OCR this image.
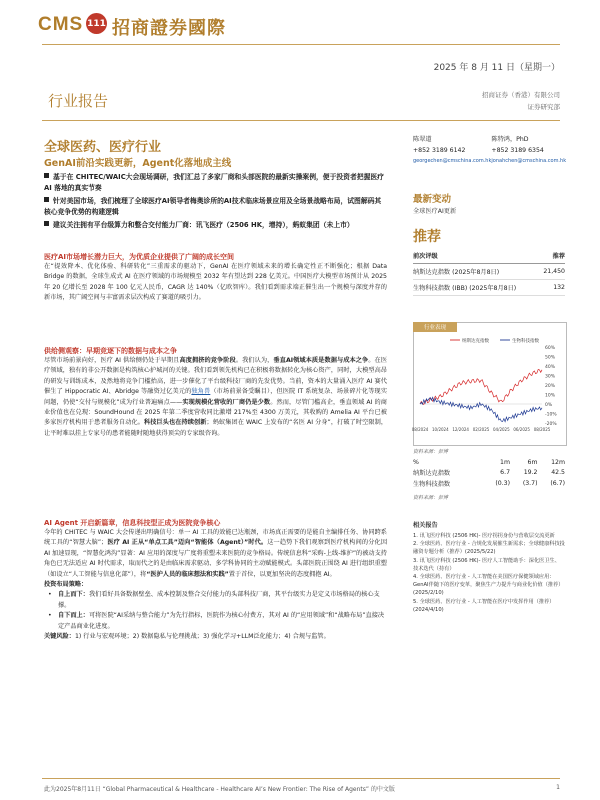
CMS 111 招商證券國際
2025 年 8 月 11 日（星期一）
行业报告	招商证券（香港）有限公司
证券研究部
全球医药、医疗行业
GenAI前沿实践更新，Agent化落地成主线
基于在 CHITEC/WAIC大会现场调研，我们汇总了多家厂商和头部医院的最新实操案例，便于投资者把握医疗 AI 落地的真实节奏
针对美国市场，我们梳理了全球医疗AI领导者梅奥诊所的AI技术临床场景应用及全场景战略布局，试图解码其核心竞争优势的构建逻辑
建议关注拥有平台级算力和整合交付能力厂商：讯飞医疗（2506 HK，增持），蚂蚁集团（未上市）
医疗AI市场增长潜力巨大，为优质企业提供了广阔的成长空间
在“提效降本、优化体验、科研转化”三重需求的驱动下，GenAI 在医疗领域未来的增长确定性正不断强化；根据 Data Bridge 的数据，全球生成式 AI 在医疗领域的市场规模至 2032 年有望达到 228 亿美元。中国医疗大模型市场预计从 2025 年 20 亿增长至 2028 年 100 亿元人民币，CAGR 达 140%（亿欧智库）。我们看到需求端正催生出一个规模与深度并存的新市场，其广阔空间与丰富需求层次构成了赛道的吸引力。
供给侧观察：早期竞逐下的数据与成本之争
尽管市场前景向好，医疗 AI 供给侧仍处于早期且高度拥挤的竞争阶段。我们认为，垂直AI领域本质是数据与成本之争。在医疗领域，独有的非公开数据是构筑核心护城河的关键。我们看到领先机构已在积极将数据转化为核心资产，同时，大模型高昂的研发与训练成本，及然地将竞争门槛抬高，进一步催化了平台级科技厂商的先发优势。当前，资本的大量涌入医疗 AI 赛代催生了 Hippocratic AI、Abridge 等融资过亿美元的独角兽（市场前景备受瞩目），但医院 IT 系统复杂、场景碎片化等现实问题，仍使“交付与规模化”成为行业普遍痛点——实现规模化营收的厂商仍是少数。然而，尽管门槛高企，垂直领域 AI 的商业价值也在兑现：SoundHound 在 2025 年第二季度营收同比激增 217%至 4300 万美元，其收购的 Amelia AI 平台已被多家医疗机构用于患者服务自动化。科技巨头也在持续创新；蚂蚁集团在 WAIC 上发布的“名医 AI 分身”，打破了时空限制，让平时难以挂上专家号的患者能随时随地获得顶尖的专家级咨询。
AI Agent 开启新篇章，信息科技型正成为医院竞争核心
今年的 CHITEC 与 WAIC 大会传递出明确信号：单一 AI 工具的效能已达瓶颈，市场真正需要的是能自主编排任务、协同跨系统工具的“智慧大脑”；医疗 AI 正从“单点工具”迈向“智能体（Agent）”时代。这一趋势下我们观察到医疗机构间的分化因 AI 加速显现，“智慧化鸿沟”显著：AI 应用的深度与广度将重塑未来医院的竞争格局。传统信息科“采购-上线-维护”的被动支持角色已无法适应 AI 时代需求，取而代之的是由临床需求驱动、多学科协同的主动赋能模式。头部医院正围绕 AI 进行组织重塑（如设立“人工智能与信息化部”），将“医护人员的临床想法和实践”置于首位，以更加坚决的态度拥抱 AI。
投资布局策略：
• 自上而下：我们看好具备数据壁垒、成本控制及整合交付能力的头部科技厂商，其平台级实力是定义市场格局的核心支撑。
• 自下而上：可将医院“AI采纳与整合能力”为先行指标，医院作为核心付费方，其对 AI 的“应用领域”和“战略布局”直接决定产品商业化进度。
关键风险：1) 行业与宏观环境；2) 数据隐私与伦理挑战；3) 强化学习+LLM泛化能力；4) 合规与监管。
陈翠道
+852 3189 6142
georgechen@cmschina.com.hk
陈特鸿，PhD
+852 3189 6354
jonahchen@cmschina.com.hk
最新变动
全球医疗AI更新
推荐
前次评级	推荐
纳斯达克指数 (2025年8月8日)	21,450
生物科技指数 (IBB) (2025年8月8日)	132
60%
50%
40%
30%
20%
10%
0%
-10%
-20%
08/2024 10/2024 12/2024 02/2025 04/2025 06/2025 08/2025
纳斯达克指数	生物科技指数
行业表现
资料来源：彭博
%	1m	6m	12m
纳斯达克指数	6.7	19.2	42.5
生物科技指数	(0.3)	(3.7)	(6.7)
资料来源：彭博
相关报告
1. 讯飞医疗科技 (2506 HK)- 医疗拐拐身份与营收层交流更新
2. 全球医药、医疗行业 - 合规化发展催生新需求；全球健康科技投融资专题分析（推荐）(2025/5/22)
3. 讯飞医疗科技 (2506 HK)- 医疗人工智能助手：深化医卫生、技术迭代（持有）
4. 全球医药、医疗行业 - 人工智能在美国医疗保健领域应用：GenAI伴随下的医疗变革，聚焦生产力提升与商业化价值（推荐）(2025/2/10)
5. 全球医药、医疗行业 - 人工智能在医疗中发挥作用（推荐）(2024/4/10)
此为2025年8月11日 “Global Pharmaceutical & Healthcare - Healthcare AI’s New Frontier: The Rise of Agents” 的中文版	1
